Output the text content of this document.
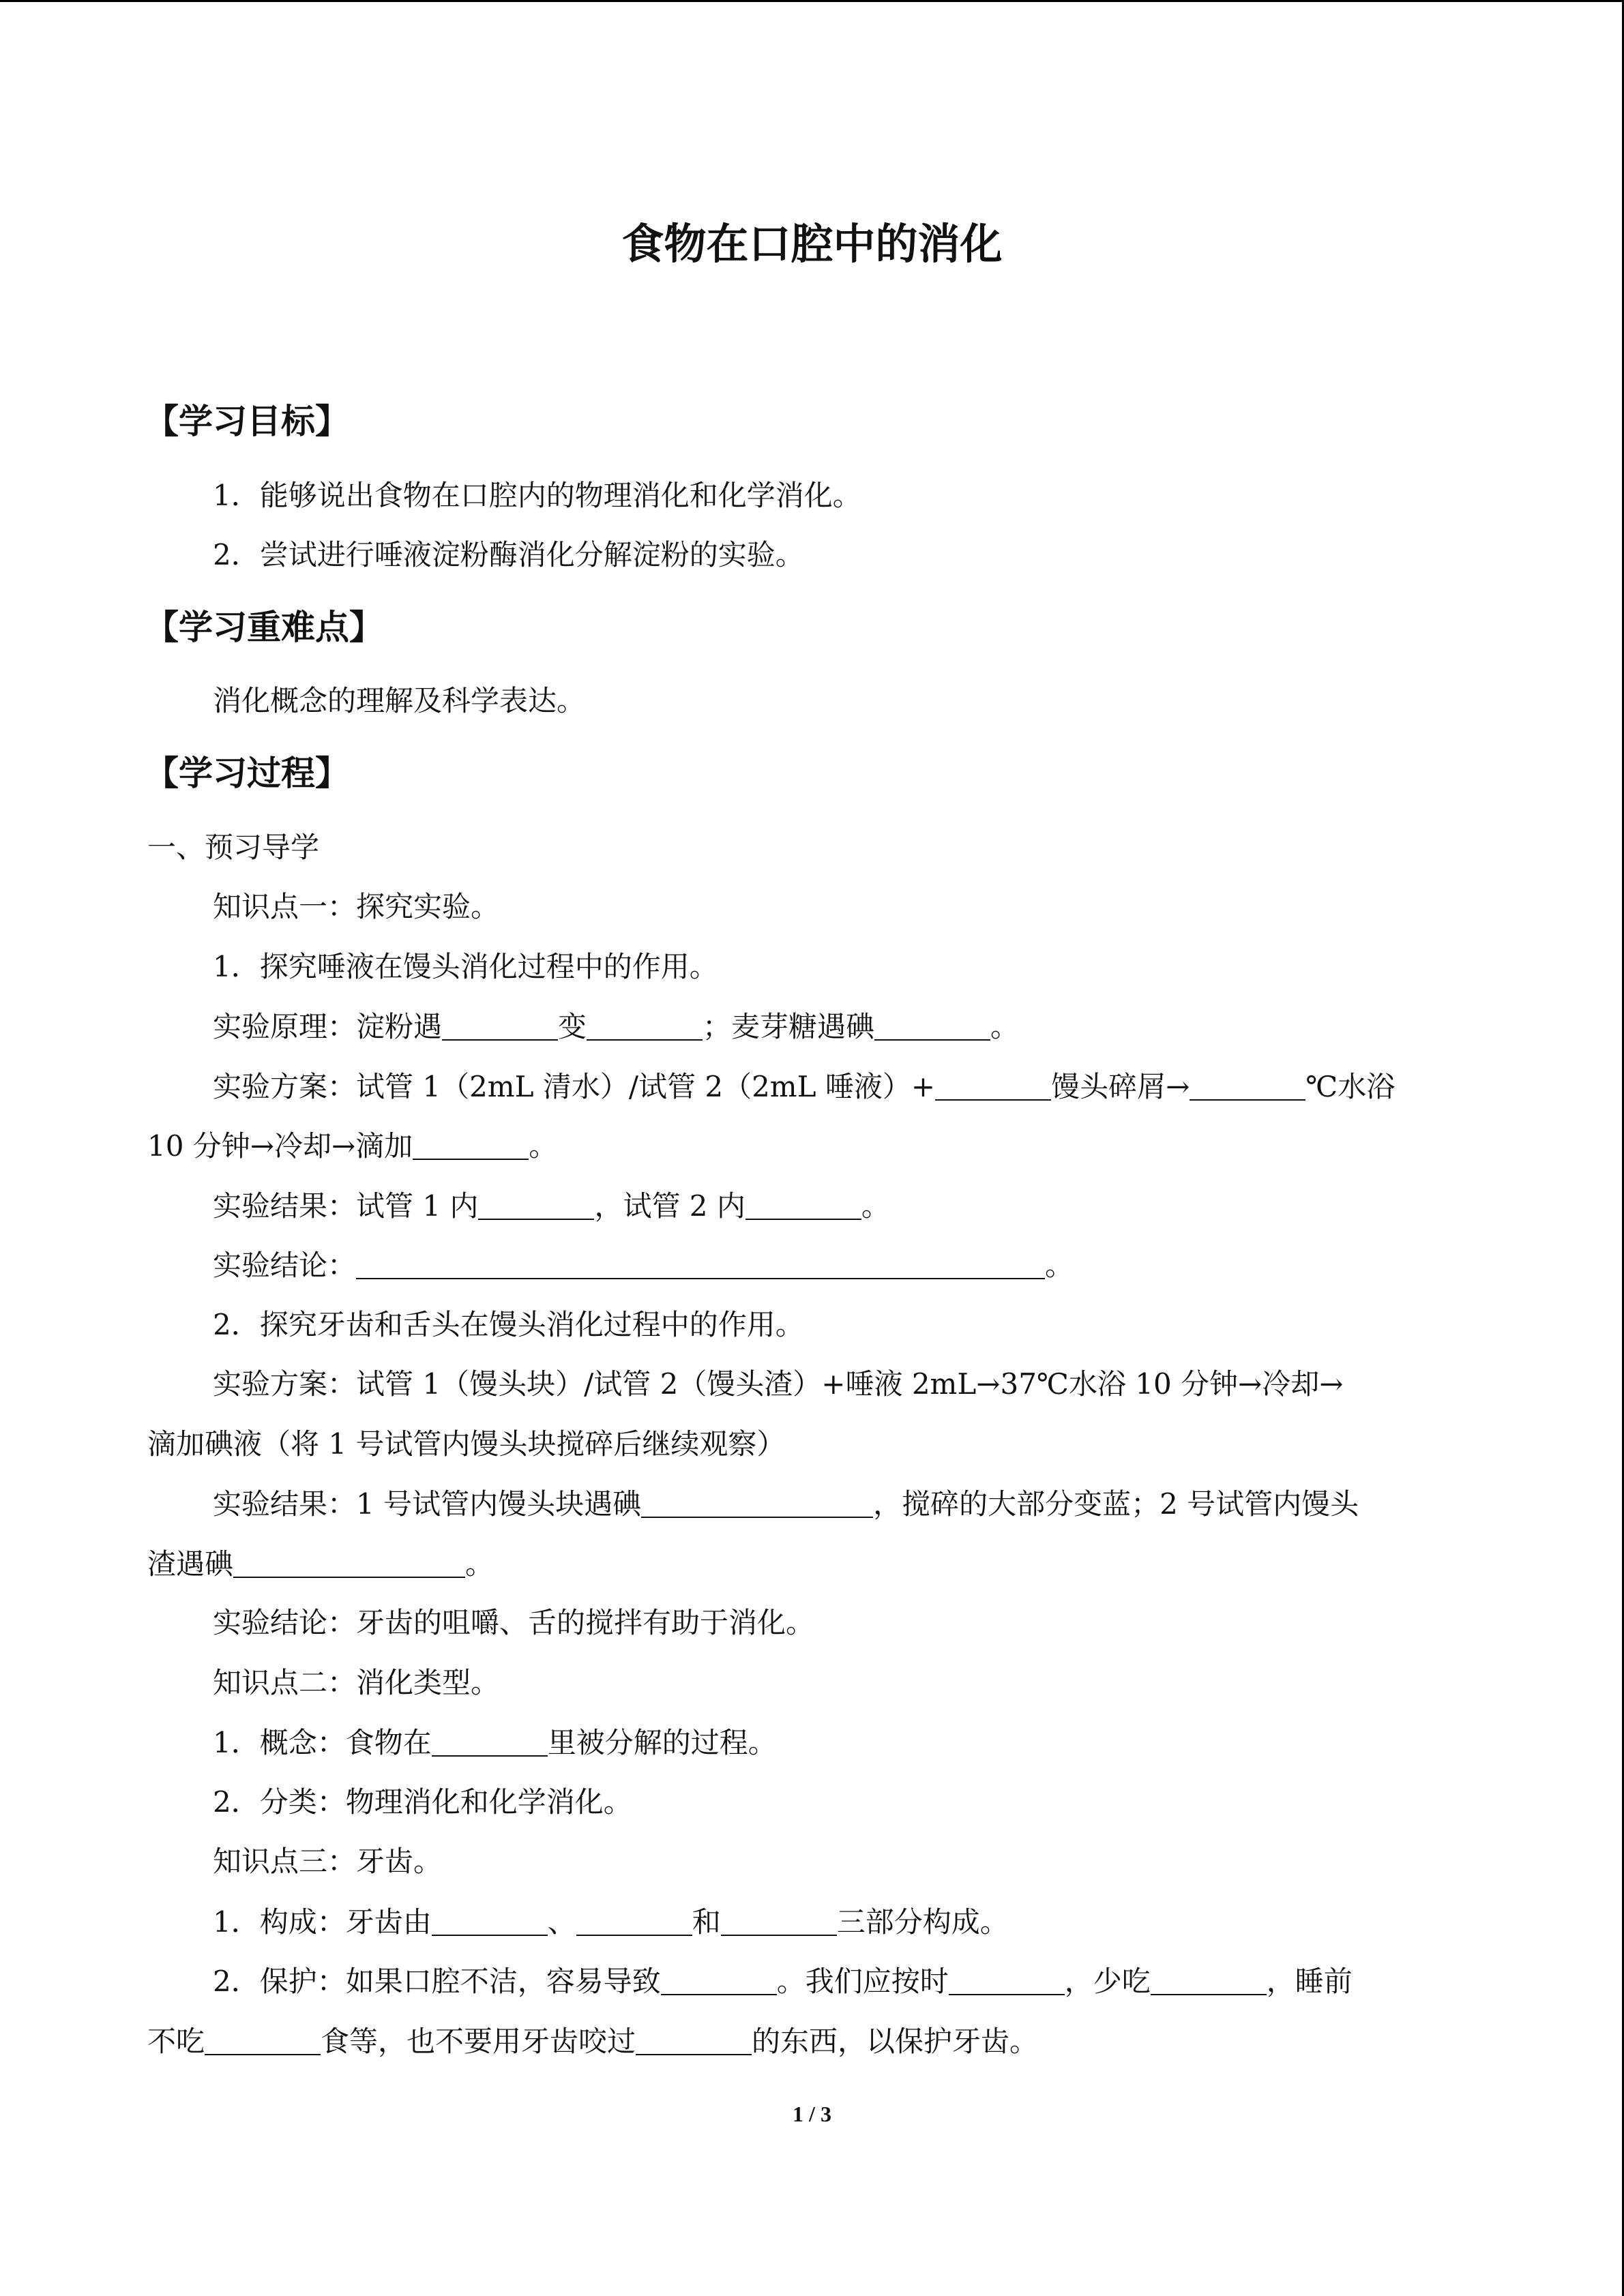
食物在口腔中的消化
【学习目标】
1．能够说出食物在口腔内的物理消化和化学消化。
2．尝试进行唾液淀粉酶消化分解淀粉的实验。
【学习重难点】
消化概念的理解及科学表达。
【学习过程】
一、预习导学
知识点一：探究实验。
1．探究唾液在馒头消化过程中的作用。
实验原理：淀粉遇	变	；麦芽糖遇碘	。
实验方案：试管 1（2mL 清水）/试管 2（2mL 唾液）+	馒头碎屑→	℃水浴
10 分钟→冷却→滴加	。
实验结果：试管 1 内	，试管 2 内	。
实验结论：	。
2．探究牙齿和舌头在馒头消化过程中的作用。
实验方案：试管 1（馒头块）/试管 2（馒头渣）+唾液 2mL→37℃水浴 10 分钟→冷却→
滴加碘液（将 1 号试管内馒头块搅碎后继续观察）
实验结果：1 号试管内馒头块遇碘	，搅碎的大部分变蓝；2 号试管内馒头
渣遇碘	。
实验结论：牙齿的咀嚼、舌的搅拌有助于消化。
知识点二：消化类型。
1．概念：食物在	里被分解的过程。
2．分类：物理消化和化学消化。
知识点三：牙齿。
1．构成：牙齿由	、	和	三部分构成。
2．保护：如果口腔不洁，容易导致	。我们应按时	，少吃	，睡前
不吃	食等，也不要用牙齿咬过	的东西，以保护牙齿。
1 / 3
